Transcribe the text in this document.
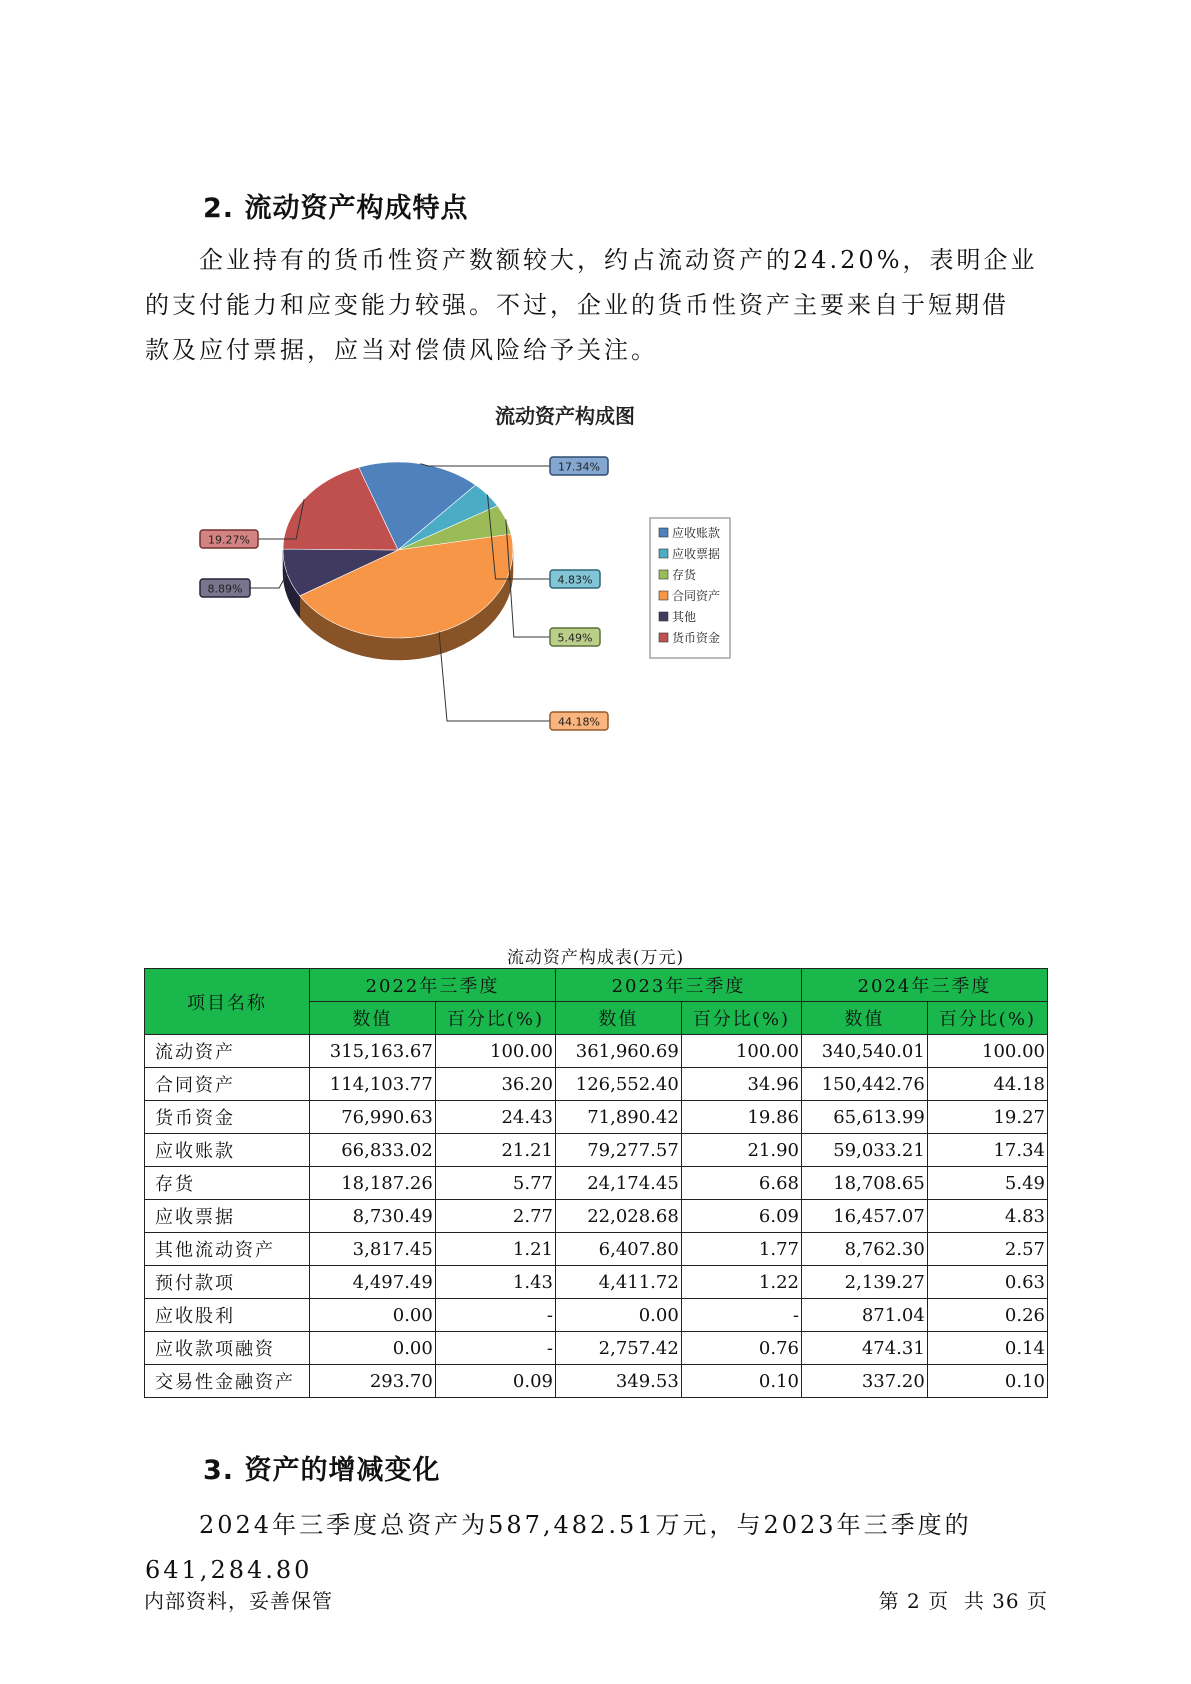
2. 流动资产构成特点
企业持有的货币性资产数额较大，约占流动资产的24.20%，表明企业
的支付能力和应变能力较强。不过，企业的货币性资产主要来自于短期借
款及应付票据，应当对偿债风险给予关注。
流动资产构成图
19.27%
8.89%
17.34%
4.83%
5.49%
44.18%
应收账款
应收票据
存货
合同资产
其他
货币资金
流动资产构成表(万元)
项目名称	2022年三季度		2023年三季度		2024年三季度	
	数值	百分比(%)	数值	百分比(%)	数值	百分比(%)
流动资产	315,163.67	100.00	361,960.69	100.00	340,540.01	100.00
合同资产	114,103.77	36.20	126,552.40	34.96	150,442.76	44.18
货币资金	76,990.63	24.43	71,890.42	19.86	65,613.99	19.27
应收账款	66,833.02	21.21	79,277.57	21.90	59,033.21	17.34
存货	18,187.26	5.77	24,174.45	6.68	18,708.65	5.49
应收票据	8,730.49	2.77	22,028.68	6.09	16,457.07	4.83
其他流动资产	3,817.45	1.21	6,407.80	1.77	8,762.30	2.57
预付款项	4,497.49	1.43	4,411.72	1.22	2,139.27	0.63
应收股利	0.00	-	0.00	-	871.04	0.26
应收款项融资	0.00	-	2,757.42	0.76	474.31	0.14
交易性金融资产	293.70	0.09	349.53	0.10	337.20	0.10
3. 资产的增减变化
2024年三季度总资产为587,482.51万元，与2023年三季度的641,284.80
内部资料，妥善保管	第 2 页  共 36 页
